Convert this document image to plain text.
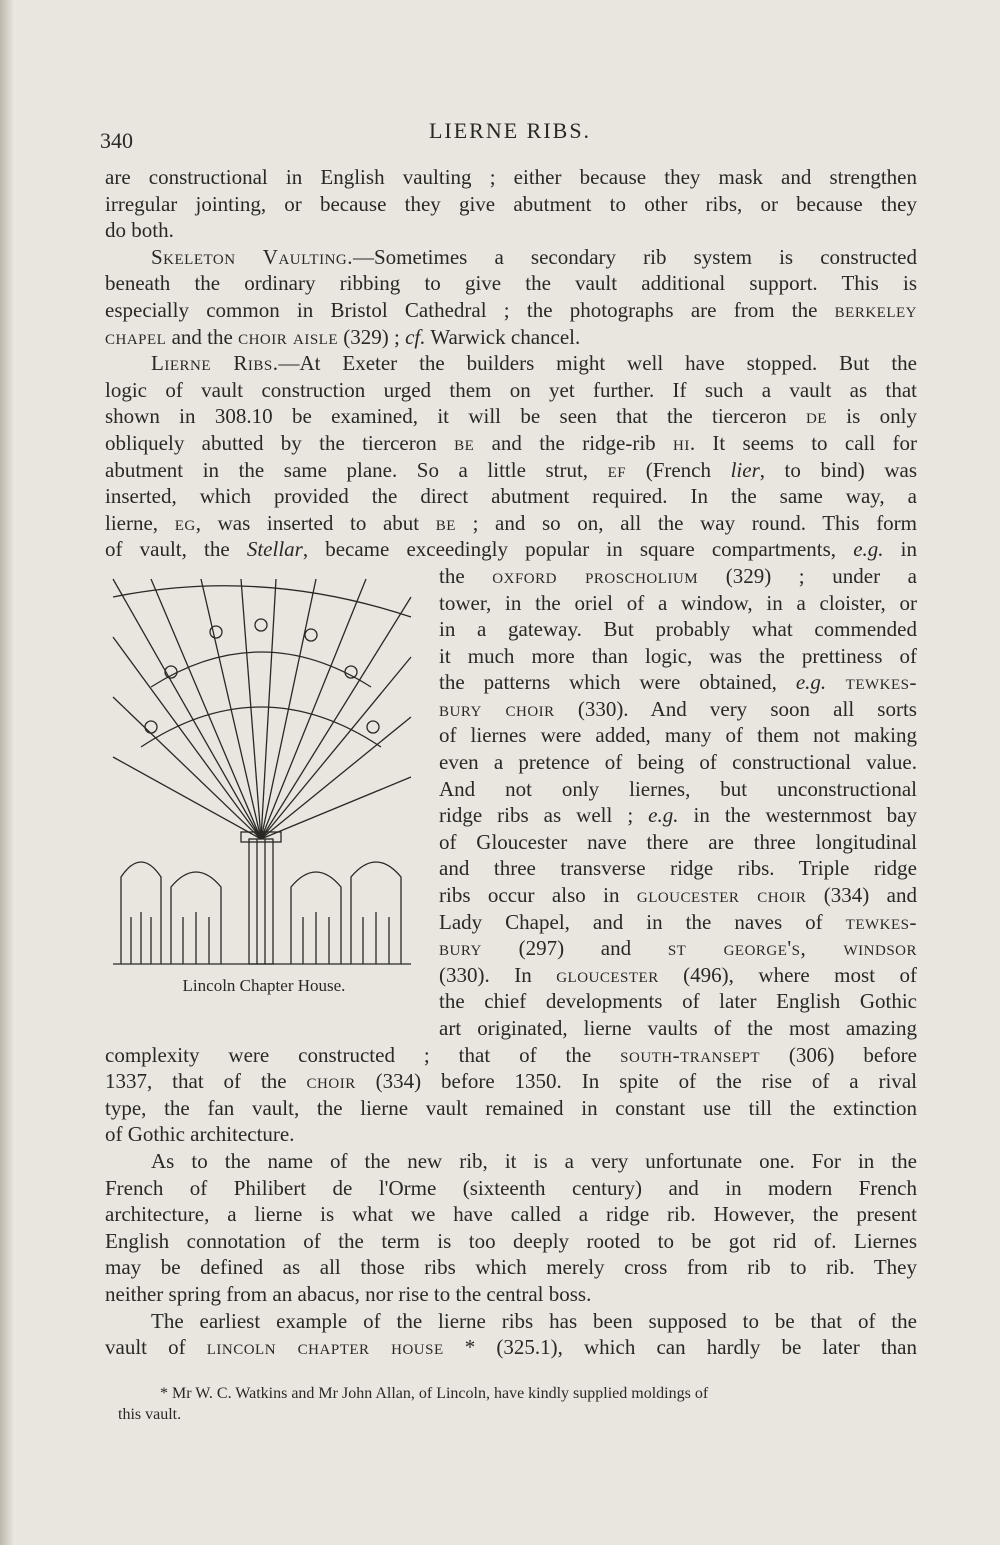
340	LIERNE RIBS.

are constructional in English vaulting ; either because they mask and strengthen
irregular jointing, or because they give abutment to other ribs, or because they
do both.

Skeleton Vaulting.—Sometimes a secondary rib system is constructed
beneath the ordinary ribbing to give the vault additional support. This is
especially common in Bristol Cathedral ; the photographs are from the berkeley
chapel and the choir aisle (329) ; cf. Warwick chancel.

Lierne Ribs.—At Exeter the builders might well have stopped. But the
logic of vault construction urged them on yet further. If such a vault as that
shown in 308.10 be examined, it will be seen that the tierceron de is only
obliquely abutted by the tierceron be and the ridge-rib hi. It seems to call for
abutment in the same plane. So a little strut, ef (French lier, to bind) was
inserted, which provided the direct abutment required. In the same way, a
lierne, eg, was inserted to abut be ; and so on, all the way round. This form
of vault, the Stellar, became exceedingly popular in square compartments, e.g. in

Lincoln Chapter House.
the oxford proscholium (329) ; under a
tower, in the oriel of a window, in a cloister, or
in a gateway. But probably what commended
it much more than logic, was the prettiness of
the patterns which were obtained, e.g. tewkes-
bury choir (330). And very soon all sorts
of liernes were added, many of them not making
even a pretence of being of constructional value.
And not only liernes, but unconstructional
ridge ribs as well ; e.g. in the westernmost bay
of Gloucester nave there are three longitudinal
and three transverse ridge ribs. Triple ridge
ribs occur also in gloucester choir (334) and
Lady Chapel, and in the naves of tewkes-
bury (297) and st george's, windsor
(330). In gloucester (496), where most of
the chief developments of later English Gothic
art originated, lierne vaults of the most amazing

complexity were constructed ; that of the south-transept (306) before
1337, that of the choir (334) before 1350. In spite of the rise of a rival
type, the fan vault, the lierne vault remained in constant use till the extinction
of Gothic architecture.

As to the name of the new rib, it is a very unfortunate one. For in the
French of Philibert de l'Orme (sixteenth century) and in modern French
architecture, a lierne is what we have called a ridge rib. However, the present
English connotation of the term is too deeply rooted to be got rid of. Liernes
may be defined as all those ribs which merely cross from rib to rib. They
neither spring from an abacus, nor rise to the central boss.

The earliest example of the lierne ribs has been supposed to be that of the
vault of lincoln chapter house * (325.1), which can hardly be later than

* Mr W. C. Watkins and Mr John Allan, of Lincoln, have kindly supplied moldings of
this vault.
